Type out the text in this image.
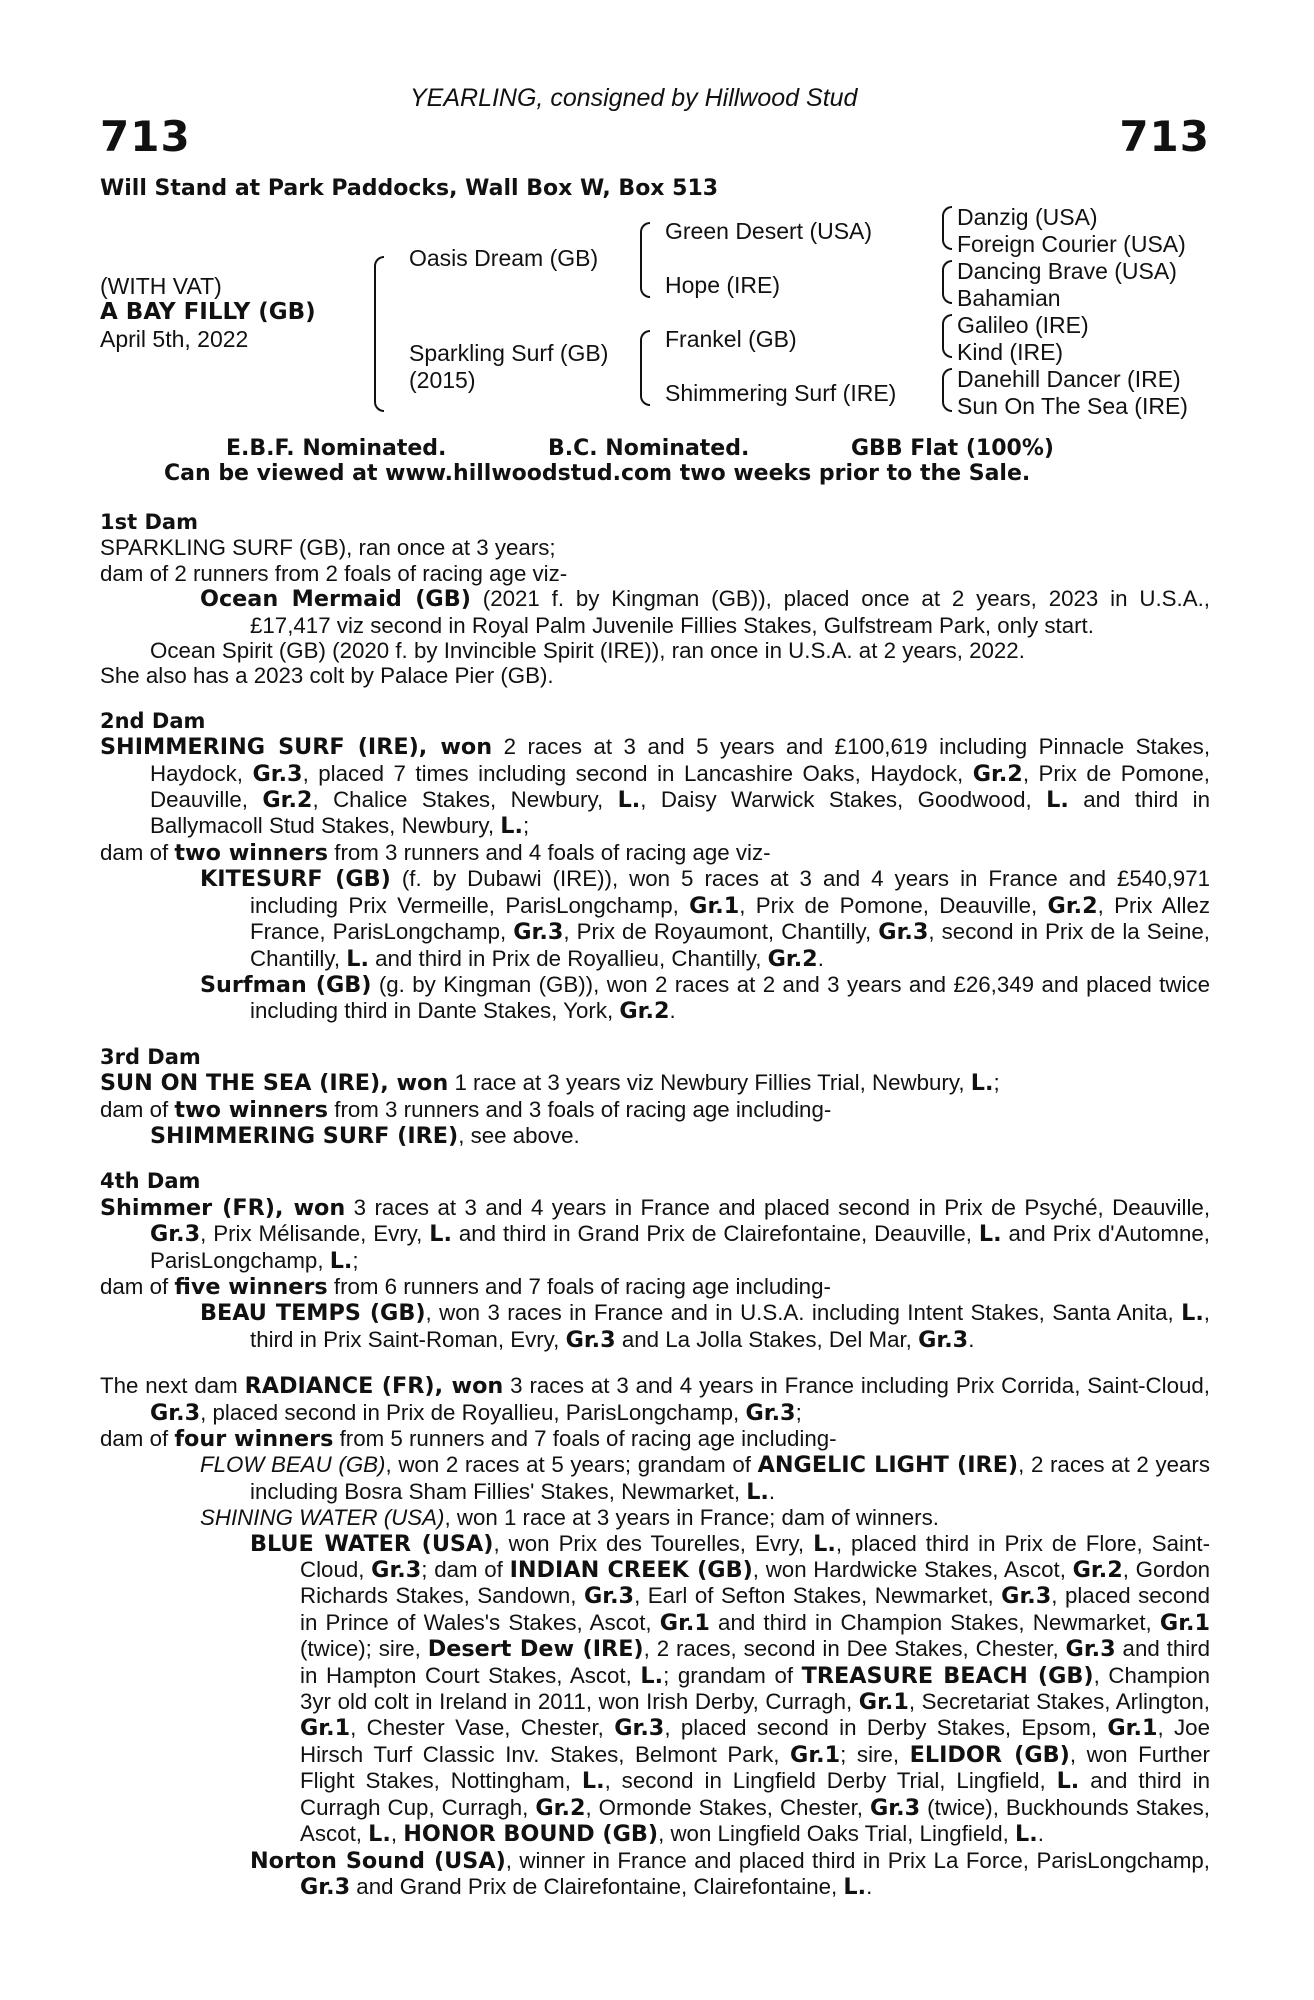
YEARLING, consigned by Hillwood Stud
713	713
Will Stand at Park Paddocks, Wall Box W, Box 513
(WITH VAT)
A BAY FILLY (GB)
April 5th, 2022
Oasis Dream (GB)
Sparkling Surf (GB)
(2015)
Green Desert (USA)
Hope (IRE)
Frankel (GB)
Shimmering Surf (IRE)
Danzig (USA)
Foreign Courier (USA)
Dancing Brave (USA)
Bahamian
Galileo (IRE)
Kind (IRE)
Danehill Dancer (IRE)
Sun On The Sea (IRE)
E.B.F. Nominated.	B.C. Nominated.	GBB Flat (100%)
Can be viewed at www.hillwoodstud.com two weeks prior to the Sale.

1st Dam

SPARKLING SURF (GB), ran once at 3 years;

dam of 2 runners from 2 foals of racing age viz-

Ocean Mermaid (GB) (2021 f. by Kingman (GB)), placed once at 2 years, 2023 in U.S.A., £17,417 viz second in Royal Palm Juvenile Fillies Stakes, Gulfstream Park, only start.

Ocean Spirit (GB) (2020 f. by Invincible Spirit (IRE)), ran once in U.S.A. at 2 years, 2022.

She also has a 2023 colt by Palace Pier (GB).

2nd Dam

SHIMMERING SURF (IRE), won 2 races at 3 and 5 years and £100,619 including Pinnacle Stakes, Haydock, Gr.3, placed 7 times including second in Lancashire Oaks, Haydock, Gr.2, Prix de Pomone, Deauville, Gr.2, Chalice Stakes, Newbury, L., Daisy Warwick Stakes, Goodwood, L. and third in Ballymacoll Stud Stakes, Newbury, L.;

dam of two winners from 3 runners and 4 foals of racing age viz-

KITESURF (GB) (f. by Dubawi (IRE)), won 5 races at 3 and 4 years in France and £540,971 including Prix Vermeille, ParisLongchamp, Gr.1, Prix de Pomone, Deauville, Gr.2, Prix Allez France, ParisLongchamp, Gr.3, Prix de Royaumont, Chantilly, Gr.3, second in Prix de la Seine, Chantilly, L. and third in Prix de Royallieu, Chantilly, Gr.2.

Surfman (GB) (g. by Kingman (GB)), won 2 races at 2 and 3 years and £26,349 and placed twice including third in Dante Stakes, York, Gr.2.

3rd Dam

SUN ON THE SEA (IRE), won 1 race at 3 years viz Newbury Fillies Trial, Newbury, L.;

dam of two winners from 3 runners and 3 foals of racing age including-

SHIMMERING SURF (IRE), see above.

4th Dam

Shimmer (FR), won 3 races at 3 and 4 years in France and placed second in Prix de Psyché, Deauville, Gr.3, Prix Mélisande, Evry, L. and third in Grand Prix de Clairefontaine, Deauville, L. and Prix d'Automne, ParisLongchamp, L.;

dam of five winners from 6 runners and 7 foals of racing age including-

BEAU TEMPS (GB), won 3 races in France and in U.S.A. including Intent Stakes, Santa Anita, L., third in Prix Saint-Roman, Evry, Gr.3 and La Jolla Stakes, Del Mar, Gr.3.

The next dam RADIANCE (FR), won 3 races at 3 and 4 years in France including Prix Corrida, Saint-Cloud, Gr.3, placed second in Prix de Royallieu, ParisLongchamp, Gr.3;

dam of four winners from 5 runners and 7 foals of racing age including-

FLOW BEAU (GB), won 2 races at 5 years; grandam of ANGELIC LIGHT (IRE), 2 races at 2 years including Bosra Sham Fillies' Stakes, Newmarket, L..

SHINING WATER (USA), won 1 race at 3 years in France; dam of winners.

BLUE WATER (USA), won Prix des Tourelles, Evry, L., placed third in Prix de Flore, Saint-Cloud, Gr.3; dam of INDIAN CREEK (GB), won Hardwicke Stakes, Ascot, Gr.2, Gordon Richards Stakes, Sandown, Gr.3, Earl of Sefton Stakes, Newmarket, Gr.3, placed second in Prince of Wales's Stakes, Ascot, Gr.1 and third in Champion Stakes, Newmarket, Gr.1 (twice); sire, Desert Dew (IRE), 2 races, second in Dee Stakes, Chester, Gr.3 and third in Hampton Court Stakes, Ascot, L.; grandam of TREASURE BEACH (GB), Champion 3yr old colt in Ireland in 2011, won Irish Derby, Curragh, Gr.1, Secretariat Stakes, Arlington, Gr.1, Chester Vase, Chester, Gr.3, placed second in Derby Stakes, Epsom, Gr.1, Joe Hirsch Turf Classic Inv. Stakes, Belmont Park, Gr.1; sire, ELIDOR (GB), won Further Flight Stakes, Nottingham, L., second in Lingfield Derby Trial, Lingfield, L. and third in Curragh Cup, Curragh, Gr.2, Ormonde Stakes, Chester, Gr.3 (twice), Buckhounds Stakes, Ascot, L., HONOR BOUND (GB), won Lingfield Oaks Trial, Lingfield, L..

Norton Sound (USA), winner in France and placed third in Prix La Force, ParisLongchamp, Gr.3 and Grand Prix de Clairefontaine, Clairefontaine, L..
